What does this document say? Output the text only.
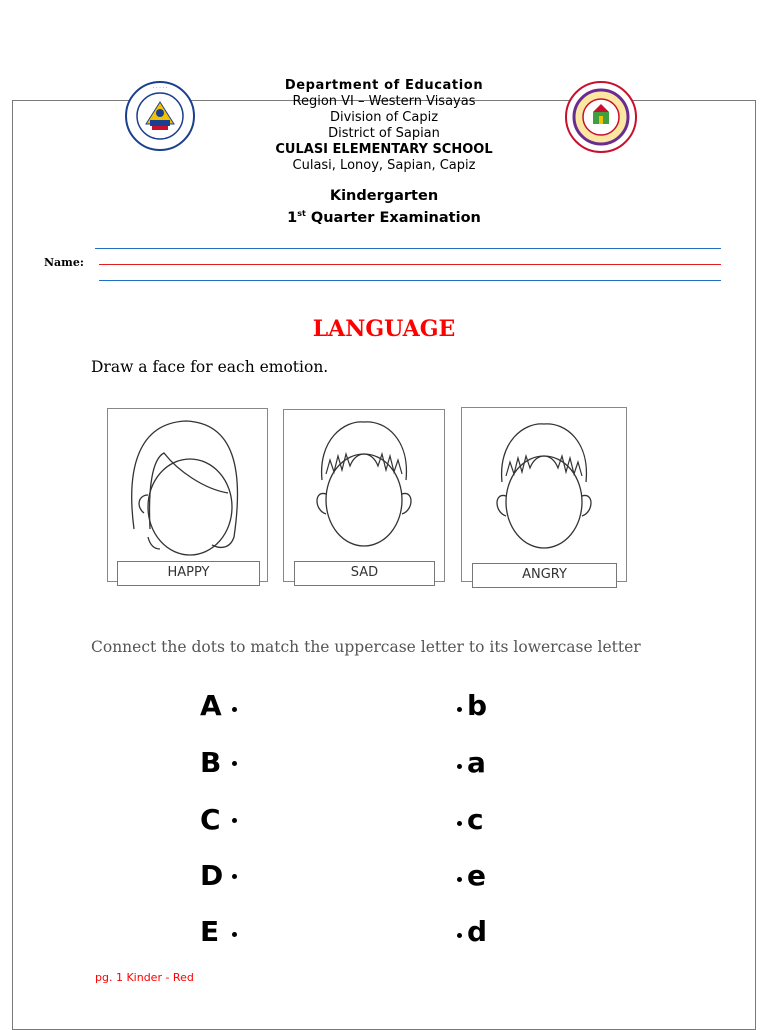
· · · · ·	Department of Education
Region VI – Western Visayas
Division of Capiz
District of Sapian
CULASI ELEMENTARY SCHOOL
Culasi, Lonoy, Sapian, Capiz
Kindergarten
1st Quarter Examination
Name:
LANGUAGE
Draw a face for each emotion.
HAPPY	SAD	ANGRY
Connect the dots to match the uppercase letter to its lowercase letter
A	b
B	a
C	c
D	e
E	d
pg. 1 Kinder - Red
